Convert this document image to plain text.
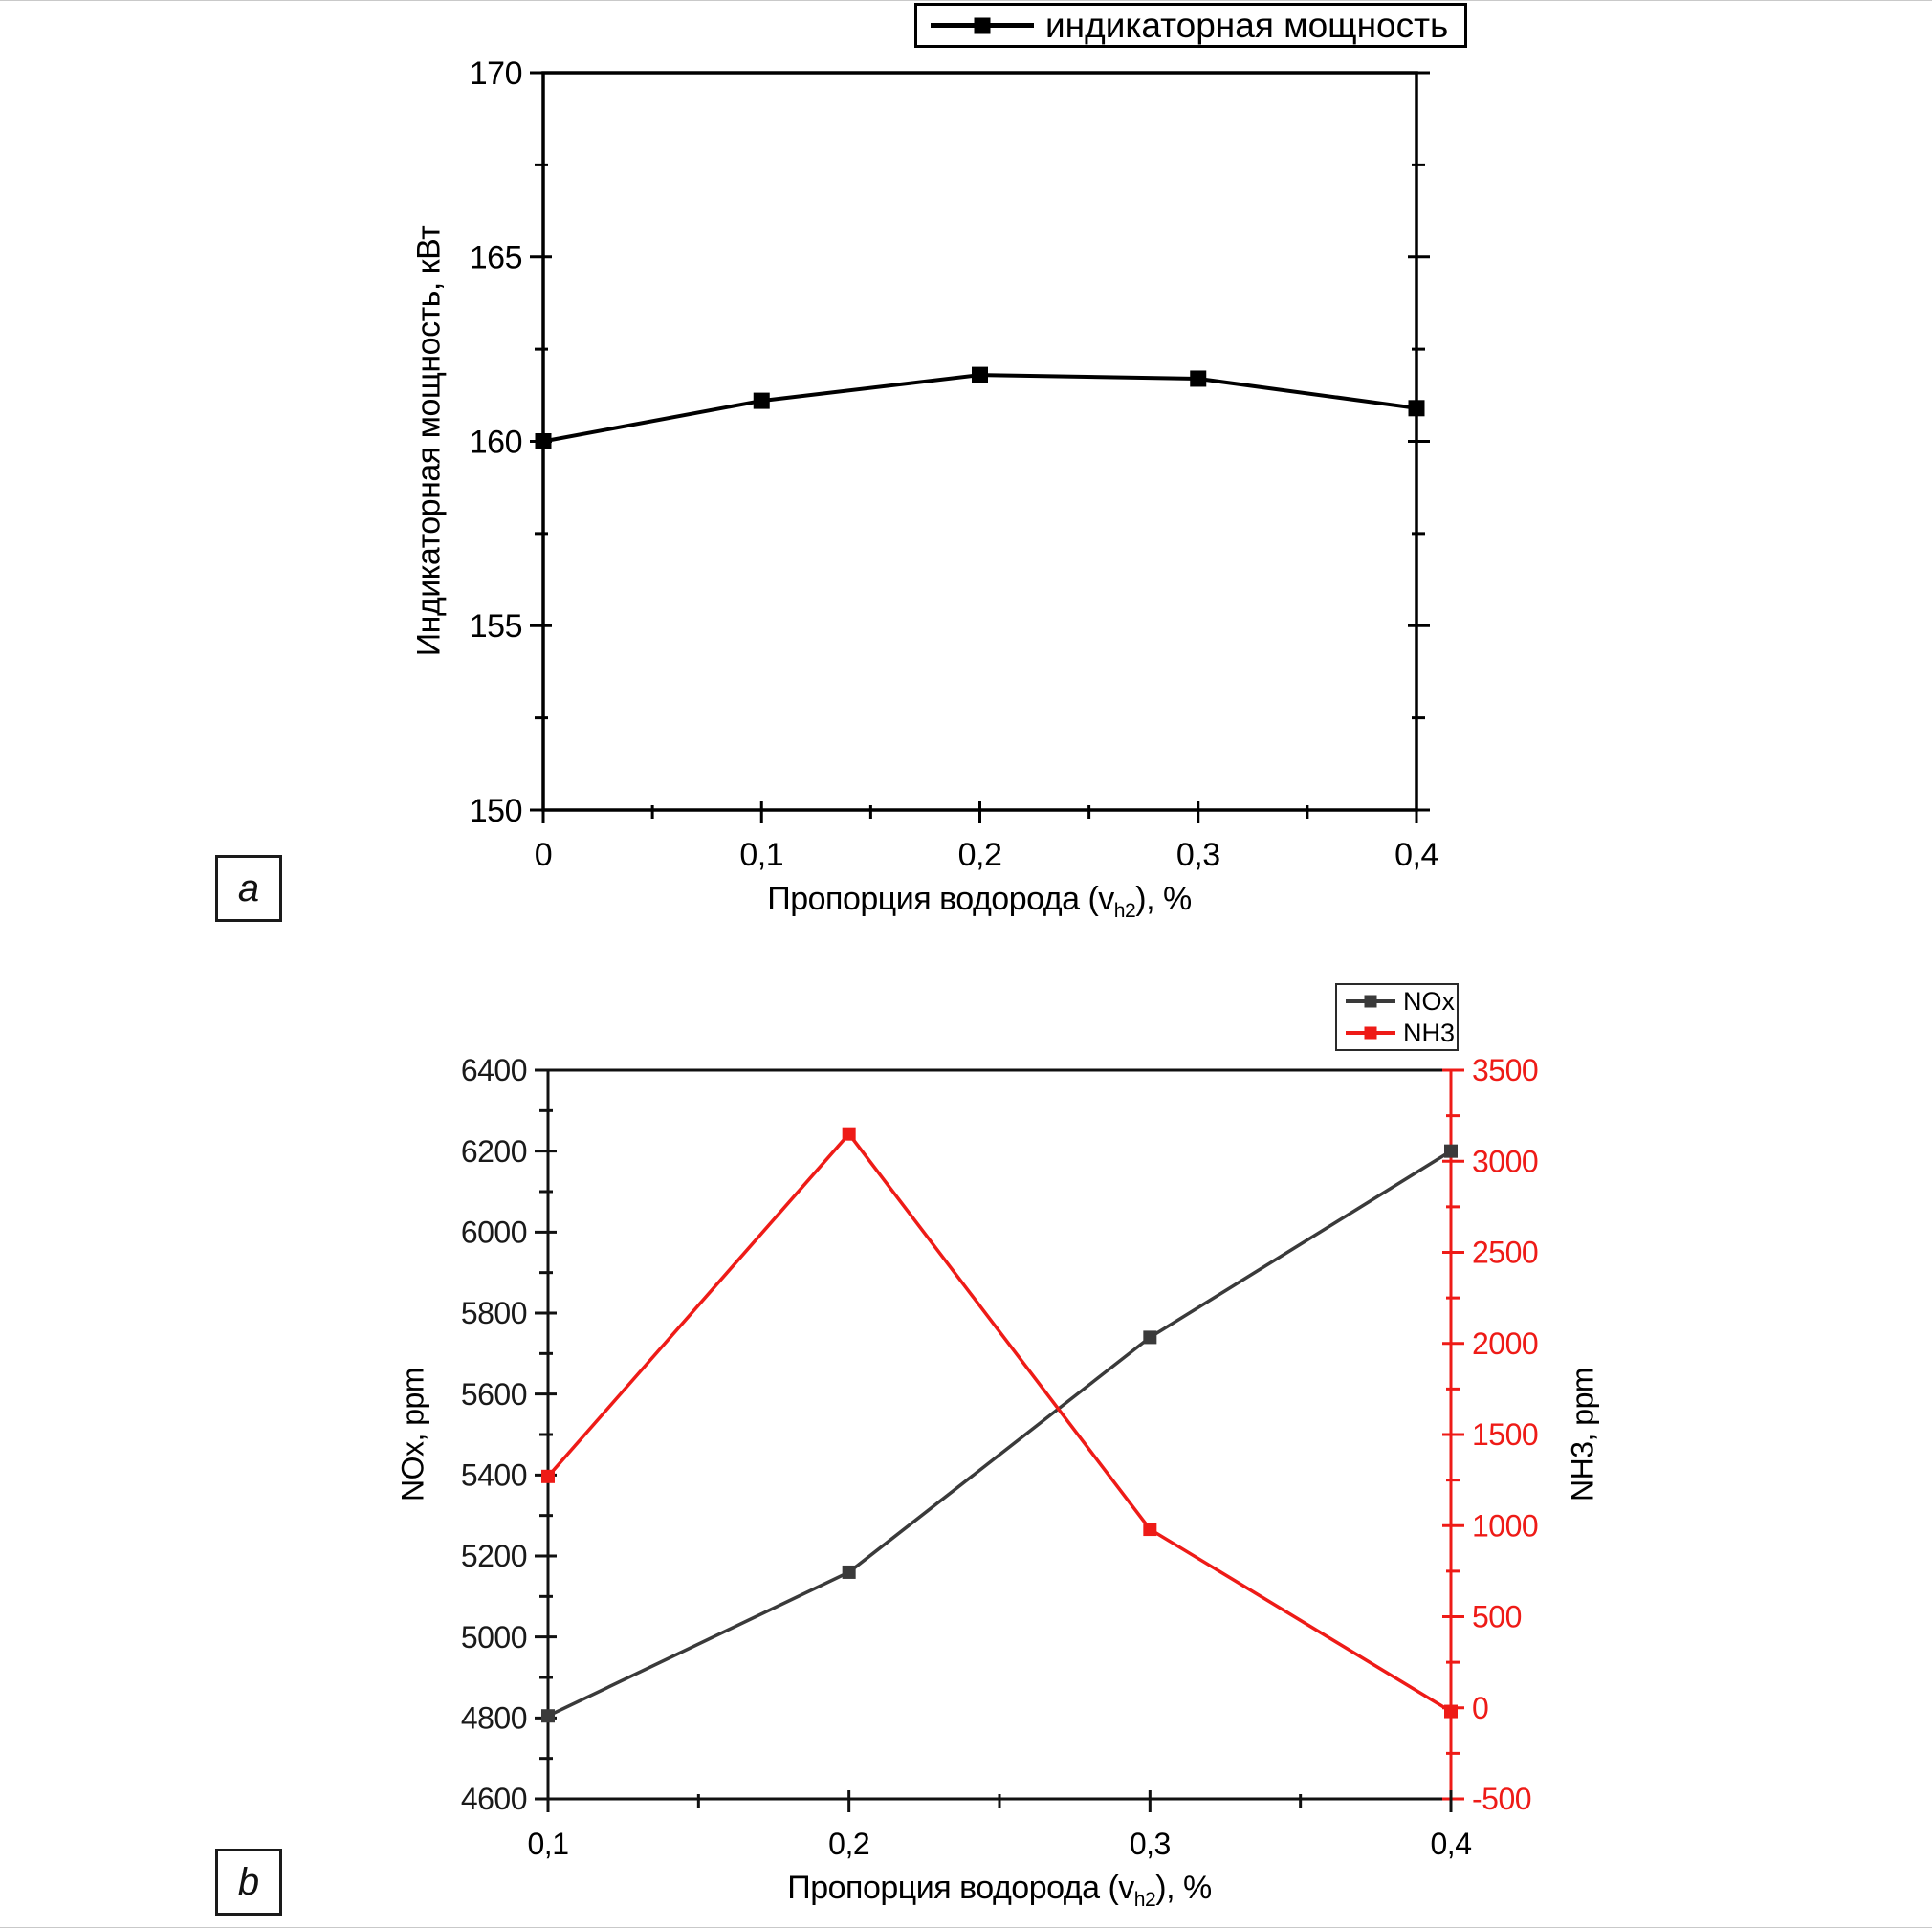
150
155
160
165
170
0	0,1	0,2	0,3	0,4
4600
4800
5000
5200
5400
5600
5800
6000
6200
6400
-500
0
500
1000
1500
2000
2500
3000
3500
0,1	0,2	0,3	0,4
Пропорция водорода $(v_{h2})$, %
Индикаторная мощность, кВт
Пропорция водорода $(v_{h2})$, %
NOx, ppm	NH3, ppm
индикаторная мощность
NOx
NH3
a
b
